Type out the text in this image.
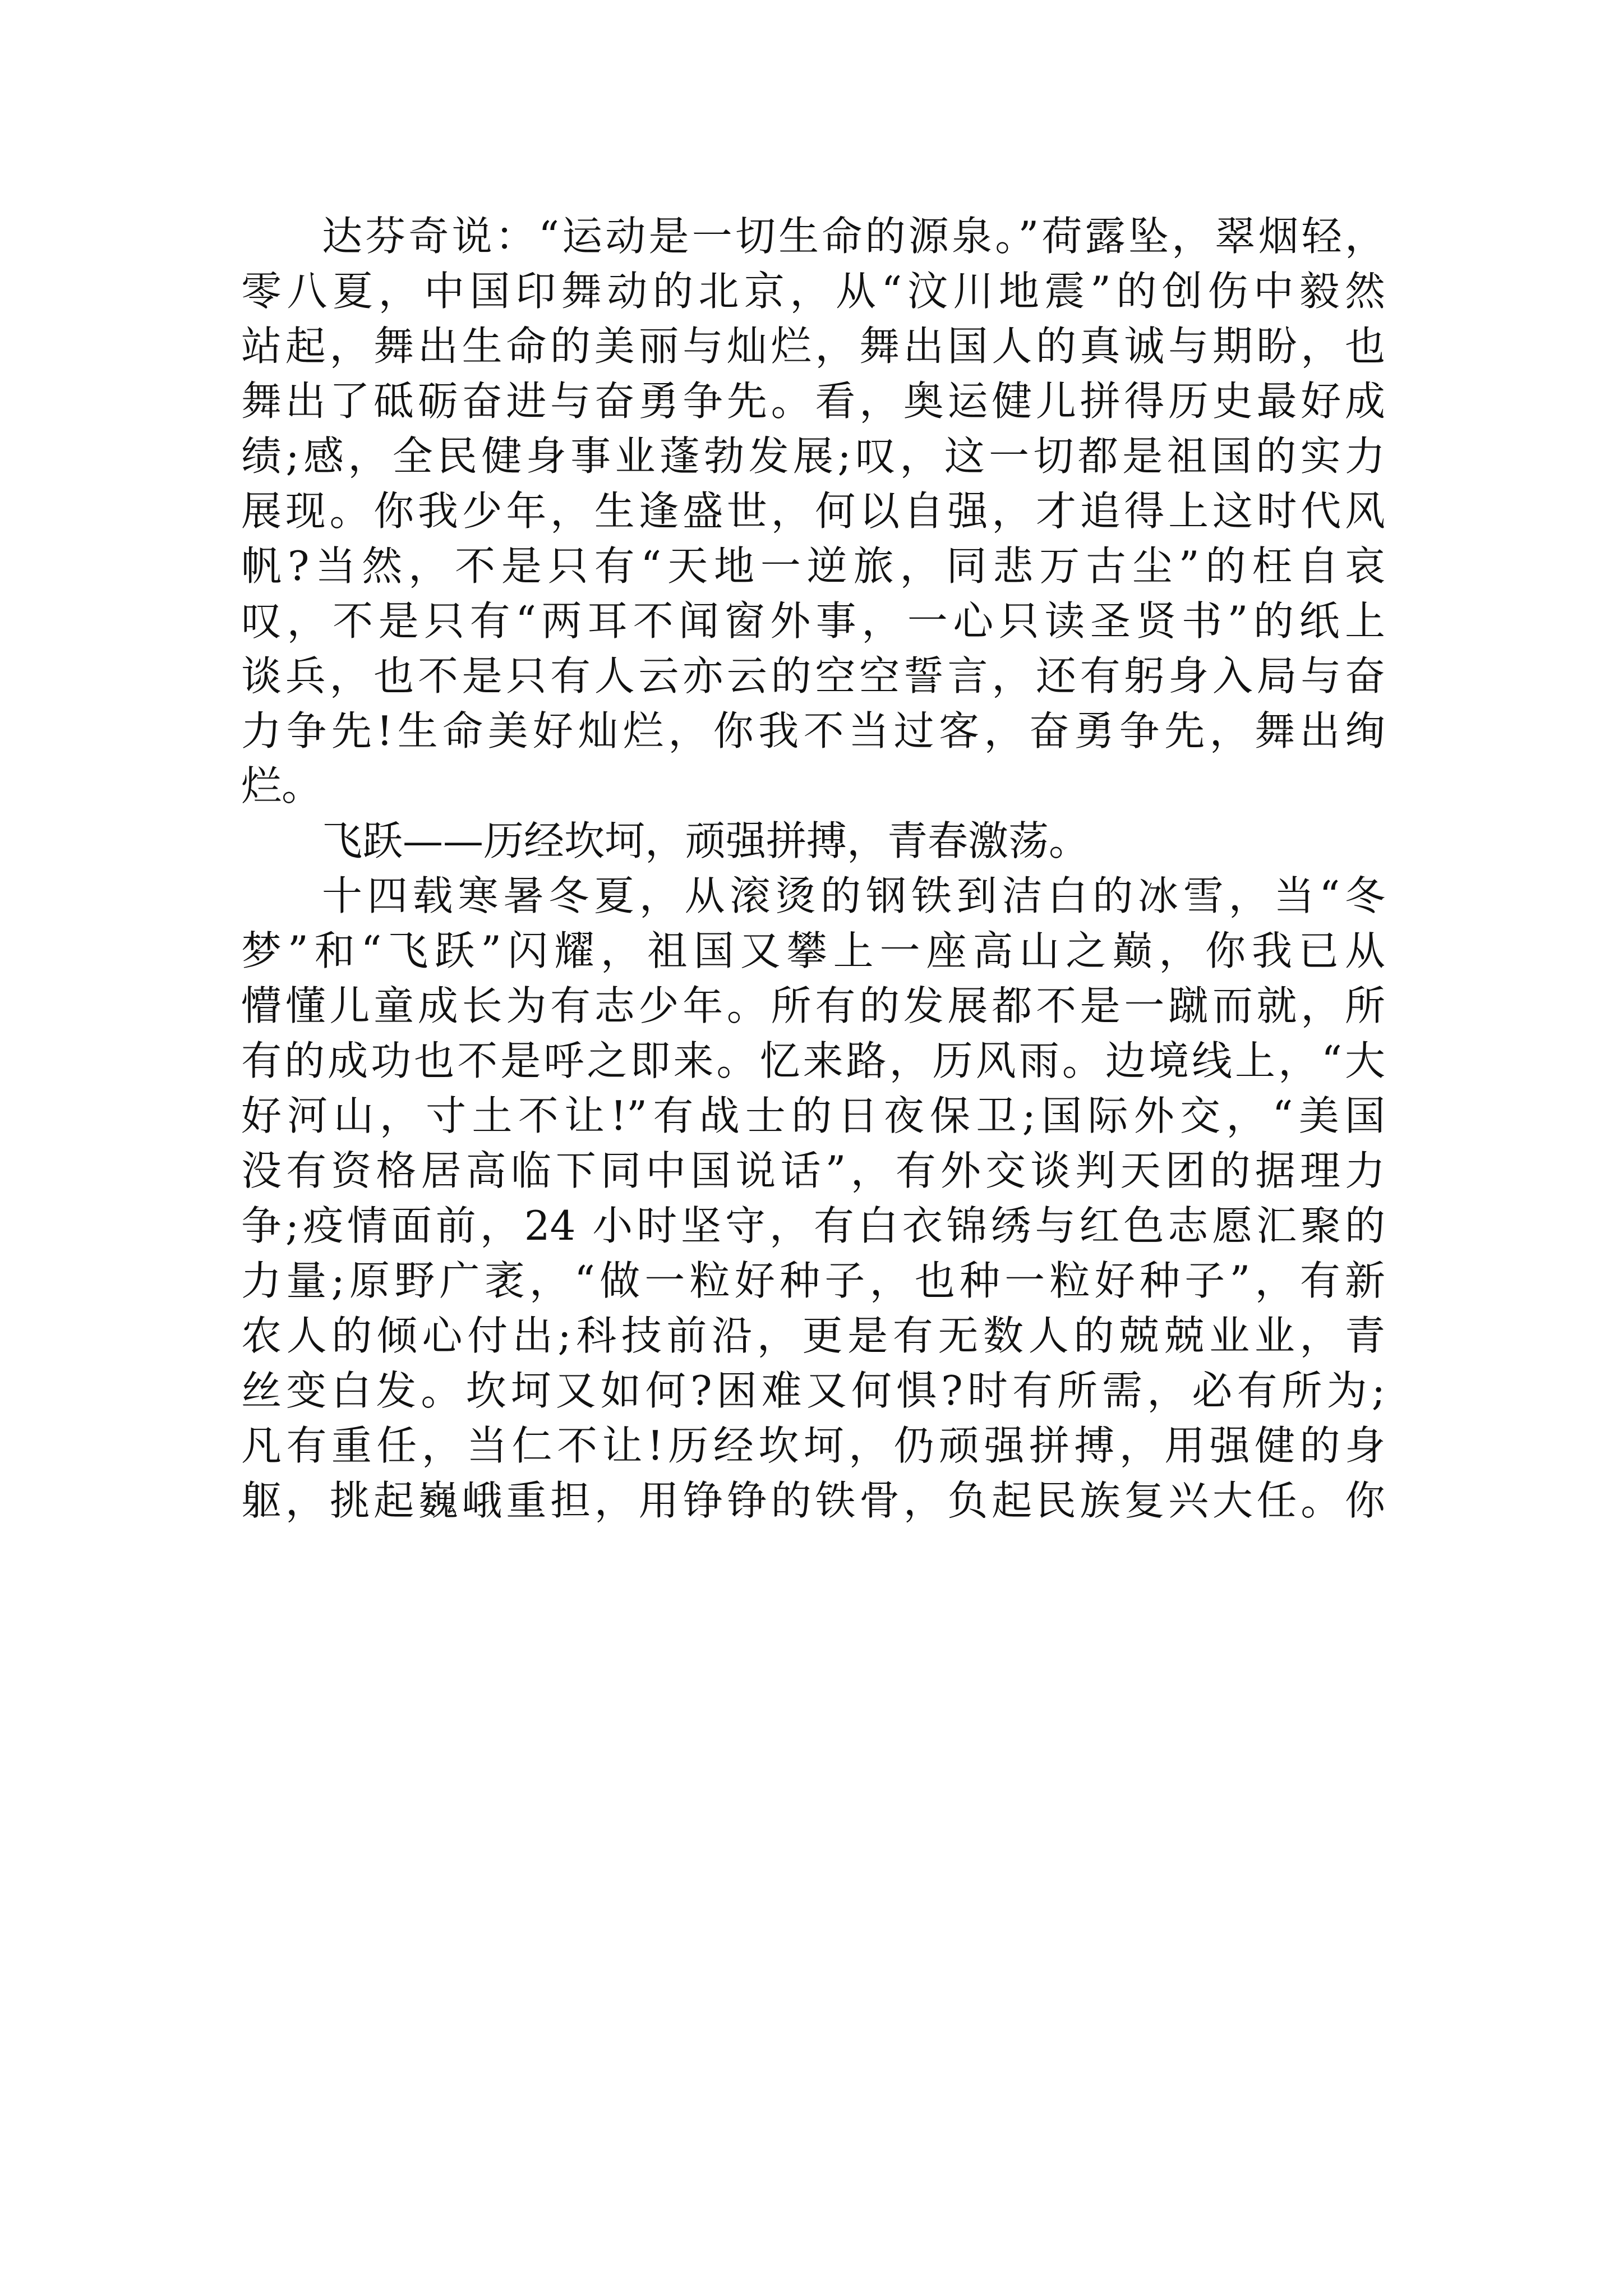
达芬奇说：“运动是一切生命的源泉。”荷露坠，翠烟轻，
零八夏，中国印舞动的北京，从“汶川地震”的创伤中毅然
站起，舞出生命的美丽与灿烂，舞出国人的真诚与期盼，也
舞出了砥砺奋进与奋勇争先。看，奥运健儿拼得历史最好成
绩;感，全民健身事业蓬勃发展;叹，这一切都是祖国的实力
展现。你我少年，生逢盛世，何以自强，才追得上这时代风
帆?当然，不是只有“天地一逆旅，同悲万古尘”的枉自哀
叹，不是只有“两耳不闻窗外事，一心只读圣贤书”的纸上
谈兵，也不是只有人云亦云的空空誓言，还有躬身入局与奋
力争先!生命美好灿烂，你我不当过客，奋勇争先，舞出绚
烂。
飞跃——历经坎坷，顽强拼搏，青春激荡。
十四载寒暑冬夏，从滚烫的钢铁到洁白的冰雪，当“冬
梦”和“飞跃”闪耀，祖国又攀上一座高山之巅，你我已从
懵懂儿童成长为有志少年。所有的发展都不是一蹴而就，所
有的成功也不是呼之即来。忆来路，历风雨。边境线上，“大
好河山，寸土不让!”有战士的日夜保卫;国际外交，“美国
没有资格居高临下同中国说话”，有外交谈判天团的据理力
争;疫情面前，24 小时坚守，有白衣锦绣与红色志愿汇聚的
力量;原野广袤，“做一粒好种子，也种一粒好种子”，有新
农人的倾心付出;科技前沿，更是有无数人的兢兢业业，青
丝变白发。坎坷又如何?困难又何惧?时有所需，必有所为;
凡有重任，当仁不让!历经坎坷，仍顽强拼搏，用强健的身
躯，挑起巍峨重担，用铮铮的铁骨，负起民族复兴大任。你
